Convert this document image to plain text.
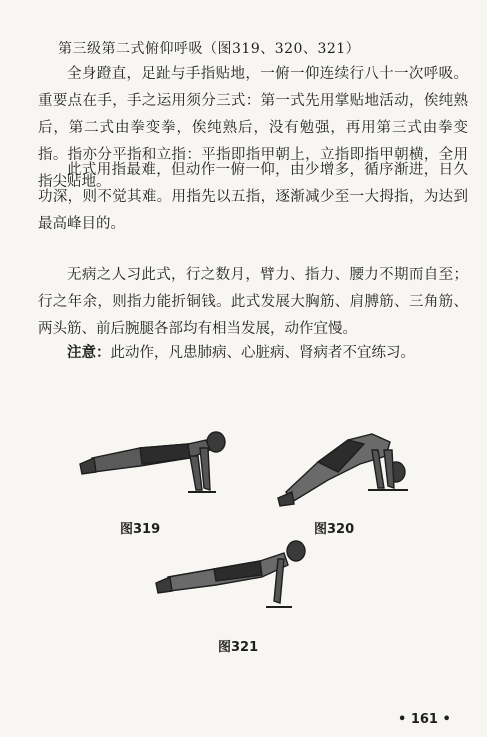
第三级第二式俯仰呼吸（图319、320、321）

全身蹬直，足趾与手指贴地，一俯一仰连续行八十一次呼吸。重要点在手，手之运用须分三式：第一式先用掌贴地活动，俟纯熟后，第二式由拳变拳，俟纯熟后，没有勉强，再用第三式由拳变指。指亦分平指和立指：平指即指甲朝上，立指即指甲朝横，全用指尖贴地。

此式用指最难，但动作一俯一仰，由少增多，循序渐进，日久功深，则不觉其难。用指先以五指，逐渐减少至一大拇指，为达到最高峰目的。

无病之人习此式，行之数月，臂力、指力、腰力不期而自至；行之年余，则指力能折铜钱。此式发展大胸筋、肩膊筋、三角筋、两头筋、前后腕腿各部均有相当发展，动作宜慢。

注意：此动作，凡患肺病、心脏病、肾病者不宜练习。

图319	图320
图321
• 161 •
